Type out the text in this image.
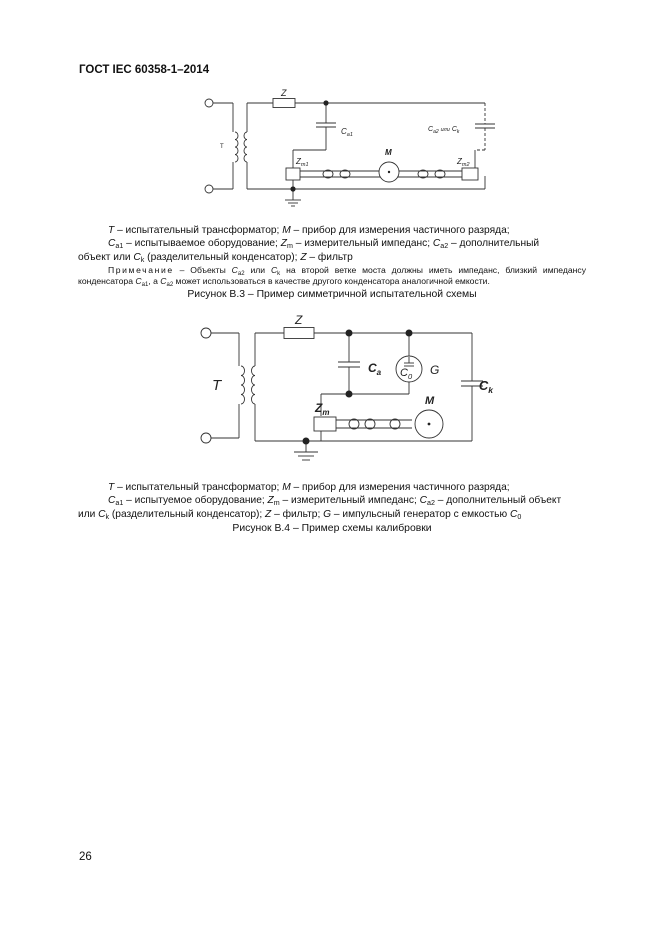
ГОСТ IEC 60358-1–2014
T
Z
$C_{a1}$
$C_{a2}$ $^{или}$ $C_k$
$Z_{m1}$	$Z_{m2}$
M

T – испытательный трансформатор; M – прибор для измерения частичного разряда;

$C_{a1}$ – испытываемое оборудование; $Z_m$ – измерительный импеданс; $C_{a2}$ – дополнительный

объект или $C_k$ (разделительный конденсатор); Z – фильтр

Примечание – Объекты $C_{a2}$ или $C_k$ на второй ветке моста должны иметь импеданс, близкий импедансу конденсатора $C_{a1}$, а $C_{a2}$ может использоваться в качестве другого конденсатора аналогичной емкости.

Рисунок В.3 – Пример симметричной испытательной схемы

T
Z
$C_a$ $C_0$ G
$C_k$
$Z_m$
M

T – испытательный трансформатор; M – прибор для измерения частичного разряда;

$C_{a1}$ – испытуемое оборудование; $Z_m$ – измерительный импеданс; $C_{a2}$ – дополнительный объект

или $C_k$ (разделительный конденсатор); Z – фильтр; G – импульсный генератор с емкостью $C_0$

Рисунок В.4 – Пример схемы калибровки

26
